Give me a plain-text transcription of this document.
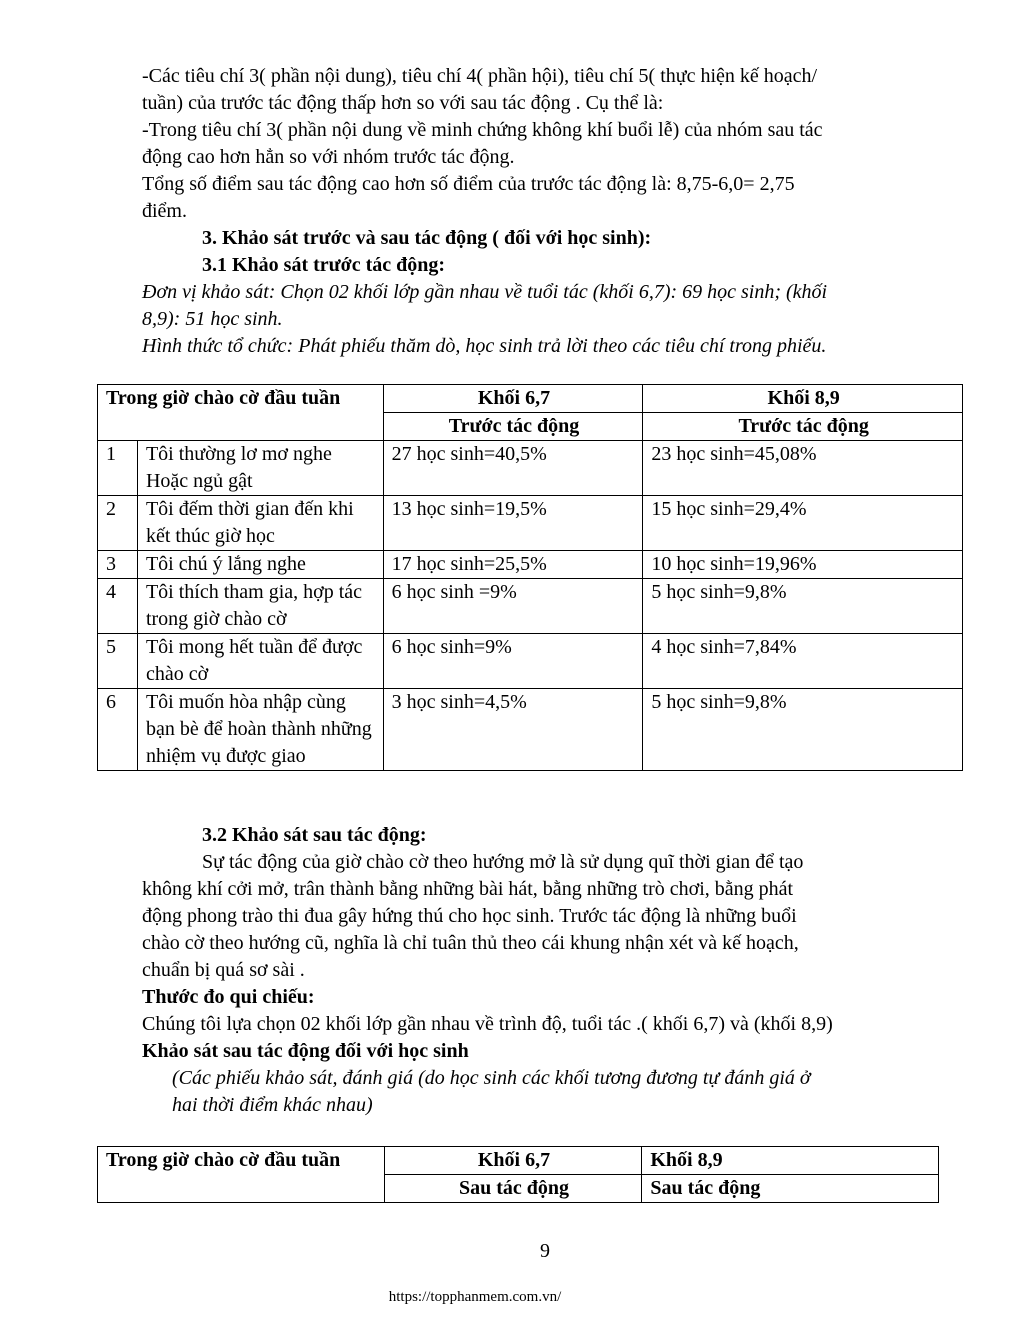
-Các tiêu chí 3( phần nội dung), tiêu chí 4( phần hội), tiêu chí 5( thực hiện kế hoạch/

tuần) của trước tác động thấp hơn so với sau tác động . Cụ thể là:

-Trong tiêu chí 3( phần nội dung về minh chứng không khí buổi lễ) của nhóm sau tác

động cao hơn hẳn so với nhóm trước tác động.

Tổng số điểm sau tác động cao hơn số điểm của trước tác động là: 8,75-6,0= 2,75

điểm.

3. Khảo sát trước và sau tác động ( đối với học sinh):

3.1 Khảo sát trước tác động:

Đơn vị khảo sát: Chọn 02 khối lớp gần nhau về tuổi tác (khối 6,7): 69 học sinh; (khối

8,9): 51 học sinh.

Hình thức tổ chức: Phát phiếu thăm dò, học sinh trả lời theo các tiêu chí trong phiếu.

Trong giờ chào cờ đầu tuần		Khối 6,7	Khối 8,9
		Trước tác động	Trước tác động
1	Tôi thường lơ mơ nghe Hoặc ngủ gật	27 học sinh=40,5%	23 học sinh=45,08%
2	Tôi đếm thời gian đến khi kết thúc giờ học	13 học sinh=19,5%	15 học sinh=29,4%
3	Tôi chú ý lắng nghe	17 học sinh=25,5%	10 học sinh=19,96%
4	Tôi thích tham gia, hợp tác trong giờ chào cờ	6 học sinh =9%	5 học sinh=9,8%
5	Tôi mong hết tuần để được chào cờ	6 học sinh=9%	4 học sinh=7,84%
6	Tôi muốn hòa nhập cùng bạn bè để hoàn thành những nhiệm vụ được giao	3 học sinh=4,5%	5 học sinh=9,8%

3.2 Khảo sát sau tác động:

Sự tác động của giờ chào cờ theo hướng mở là sử dụng quĩ thời gian để tạo

không khí cởi mở, trân thành bằng những bài hát, bằng những trò chơi, bằng phát

động phong trào thi đua gây hứng thú cho học sinh. Trước tác động là những buổi

chào cờ theo hướng cũ, nghĩa là chỉ tuân thủ theo cái khung nhận xét và kế hoạch,

chuẩn bị quá sơ sài .

Thước đo qui chiếu:

Chúng tôi lựa chọn 02 khối lớp gần nhau về trình độ, tuổi tác .( khối 6,7) và (khối 8,9)

Khảo sát sau tác động đối với học sinh

(Các phiếu khảo sát, đánh giá (do học sinh các khối tương đương tự đánh giá ở

hai thời điểm khác nhau)

Trong giờ chào cờ đầu tuần	Khối 6,7	Khối 8,9
	Sau tác động	Sau tác động
9
https://topphanmem.com.vn/
